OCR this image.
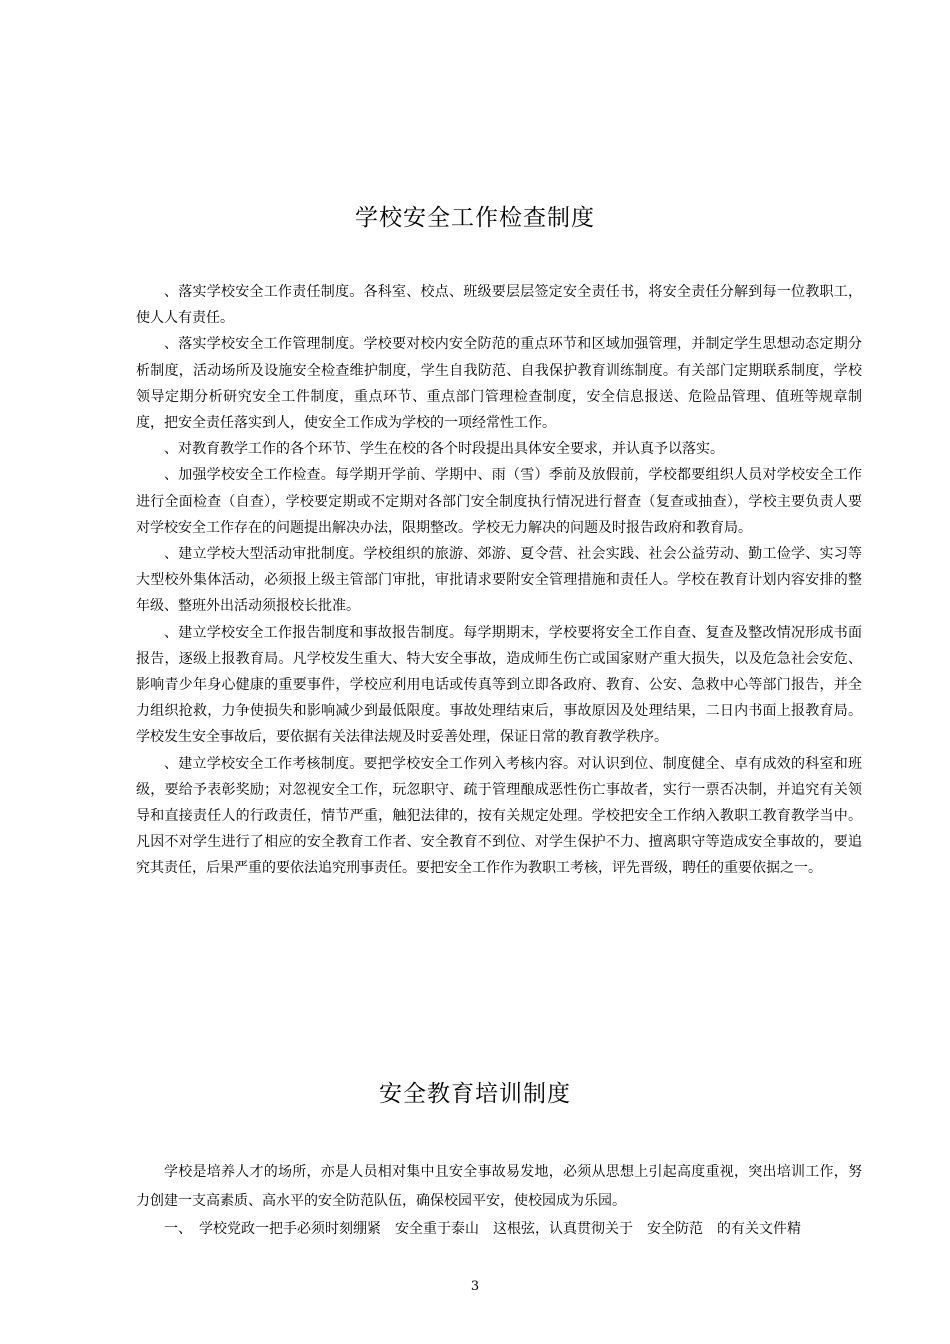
学校安全工作检查制度

、落实学校安全工作责任制度。各科室、校点、班级要层层签定安全责任书，将安全责任分解到每一位教职工，使人人有责任。

、落实学校安全工作管理制度。学校要对校内安全防范的重点环节和区域加强管理，并制定学生思想动态定期分析制度，活动场所及设施安全检查维护制度，学生自我防范、自我保护教育训练制度。有关部门定期联系制度，学校领导定期分析研究安全工件制度，重点环节、重点部门管理检查制度，安全信息报送、危险品管理、值班等规章制度，把安全责任落实到人，使安全工作成为学校的一项经常性工作。

、对教育教学工作的各个环节、学生在校的各个时段提出具体安全要求，并认真予以落实。

、加强学校安全工作检查。每学期开学前、学期中、雨（雪）季前及放假前，学校都要组织人员对学校安全工作进行全面检查（自查），学校要定期或不定期对各部门安全制度执行情况进行督查（复查或抽查），学校主要负责人要对学校安全工作存在的问题提出解决办法，限期整改。学校无力解决的问题及时报告政府和教育局。

、建立学校大型活动审批制度。学校组织的旅游、郊游、夏令营、社会实践、社会公益劳动、勤工俭学、实习等大型校外集体活动，必须报上级主管部门审批，审批请求要附安全管理措施和责任人。学校在教育计划内容安排的整年级、整班外出活动须报校长批准。

、建立学校安全工作报告制度和事故报告制度。每学期期末，学校要将安全工作自查、复查及整改情况形成书面报告，逐级上报教育局。凡学校发生重大、特大安全事故，造成师生伤亡或国家财产重大损失，以及危急社会安危、影响青少年身心健康的重要事件，学校应利用电话或传真等到立即各政府、教育、公安、急救中心等部门报告，并全力组织抢救，力争使损失和影响减少到最低限度。事故处理结束后，事故原因及处理结果，二日内书面上报教育局。学校发生安全事故后，要依据有关法律法规及时妥善处理，保证日常的教育教学秩序。

、建立学校安全工作考核制度。要把学校安全工作列入考核内容。对认识到位、制度健全、卓有成效的科室和班级，要给予表彰奖励；对忽视安全工作，玩忽职守、疏于管理酿成恶性伤亡事故者，实行一票否决制，并追究有关领导和直接责任人的行政责任，情节严重，触犯法律的，按有关规定处理。学校把安全工作纳入教职工教育教学当中。凡因不对学生进行了相应的安全教育工作者、安全教育不到位、对学生保护不力、擅离职守等造成安全事故的，要追究其责任，后果严重的要依法追究刑事责任。要把安全工作作为教职工考核，评先晋级，聘任的重要依据之一。

安全教育培训制度

学校是培养人才的场所，亦是人员相对集中且安全事故易发地，必须从思想上引起高度重视，突出培训工作，努力创建一支高素质、高水平的安全防范队伍，确保校园平安，使校园成为乐园。

一、　学校党政一把手必须时刻绷紧　安全重于泰山　这根弦，认真贯彻关于　安全防范　的有关文件精

3
